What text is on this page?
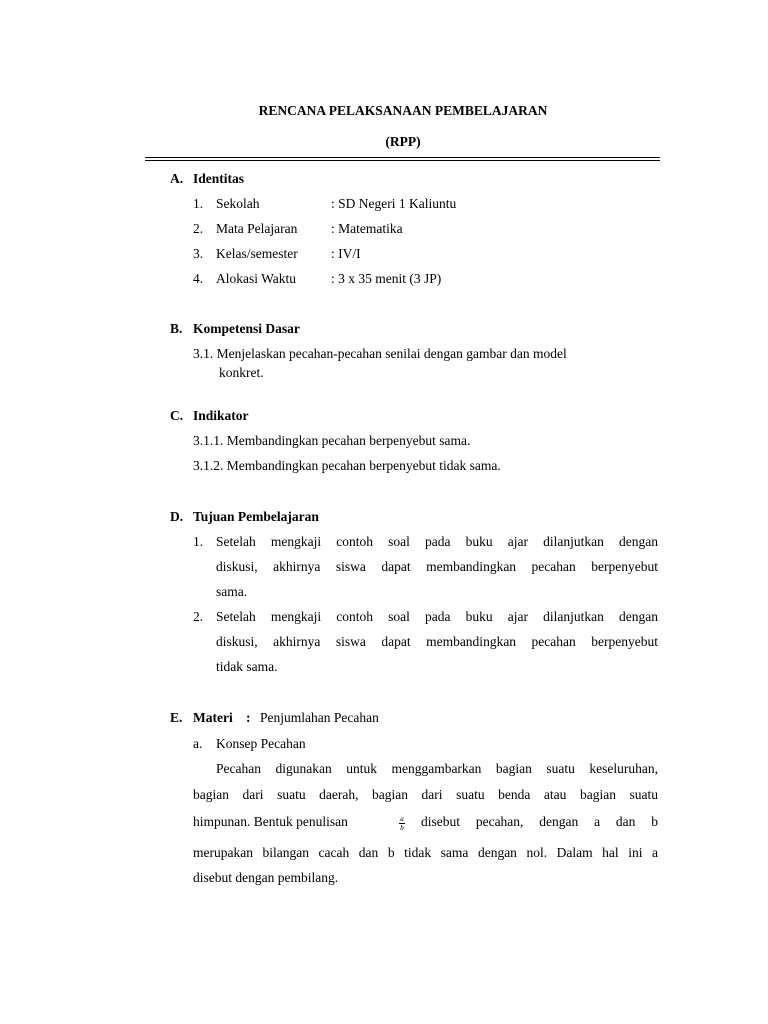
RENCANA PELAKSANAAN PEMBELAJARAN
(RPP)
A. Identitas
1. Sekolah	: SD Negeri 1 Kaliuntu
2. Mata Pelajaran : Matematika
3. Kelas/semester : IV/I
4. Alokasi Waktu	: 3 x 35 menit (3 JP)
B. Kompetensi Dasar
3.1. Menjelaskan pecahan-pecahan senilai dengan gambar dan model
konkret.
C. Indikator
3.1.1. Membandingkan pecahan berpenyebut sama.
3.1.2. Membandingkan pecahan berpenyebut tidak sama.
D. Tujuan Pembelajaran
1. Setelah mengkaji contoh soal pada buku ajar dilanjutkan dengan
diskusi, akhirnya siswa dapat membandingkan pecahan berpenyebut
sama.
2. Setelah mengkaji contoh soal pada buku ajar dilanjutkan dengan
diskusi, akhirnya siswa dapat membandingkan pecahan berpenyebut
tidak sama.
E. Materi : Penjumlahan Pecahan
a. Konsep Pecahan
Pecahan digunakan untuk menggambarkan bagian suatu keseluruhan,
bagian dari suatu daerah, bagian dari suatu benda atau bagian suatu
himpunan. Bentuk penulisan	a
b disebut pecahan, dengan a dan b
merupakan bilangan cacah dan b tidak sama dengan nol. Dalam hal ini a
disebut dengan pembilang.
